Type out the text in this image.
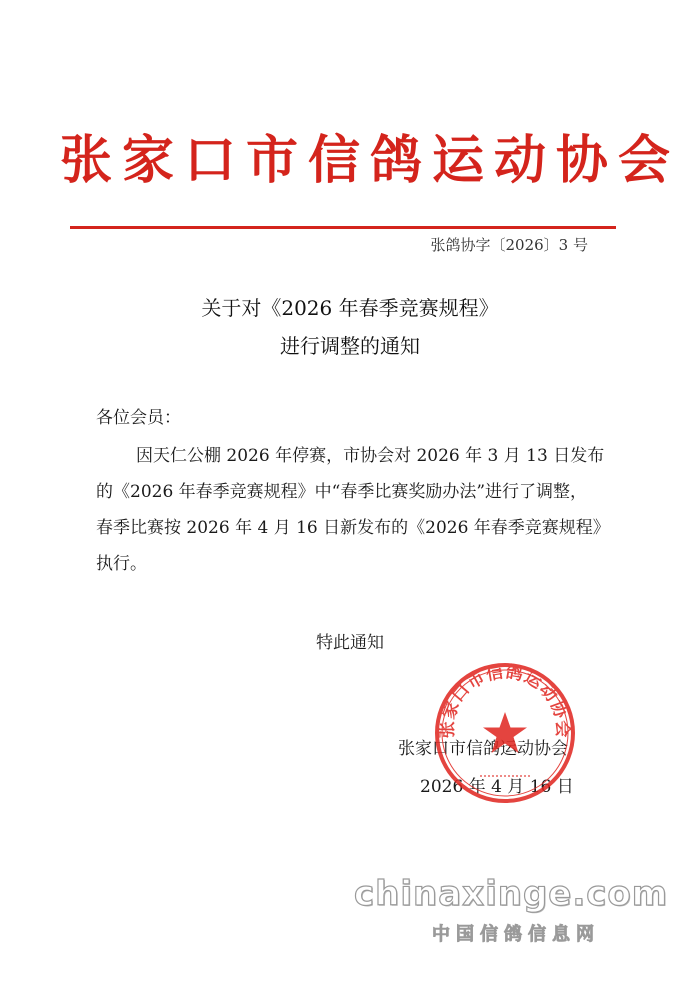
张家口市信鸽运动协会
张鸽协字〔2026〕3 号
关于对《2026 年春季竞赛规程》
进行调整的通知
各位会员：
因天仁公棚 2026 年停赛，市协会对 2026 年 3 月 13 日发布
的《2026 年春季竞赛规程》中“春季比赛奖励办法”进行了调整，
春季比赛按 2026 年 4 月 16 日新发布的《2026 年春季竞赛规程》
执行。
特此通知
张家口市信鸽运动协会
2026 年 4 月 16 日
张家口市信鸽运动协会
chinaxinge.com
中国信鸽信息网
